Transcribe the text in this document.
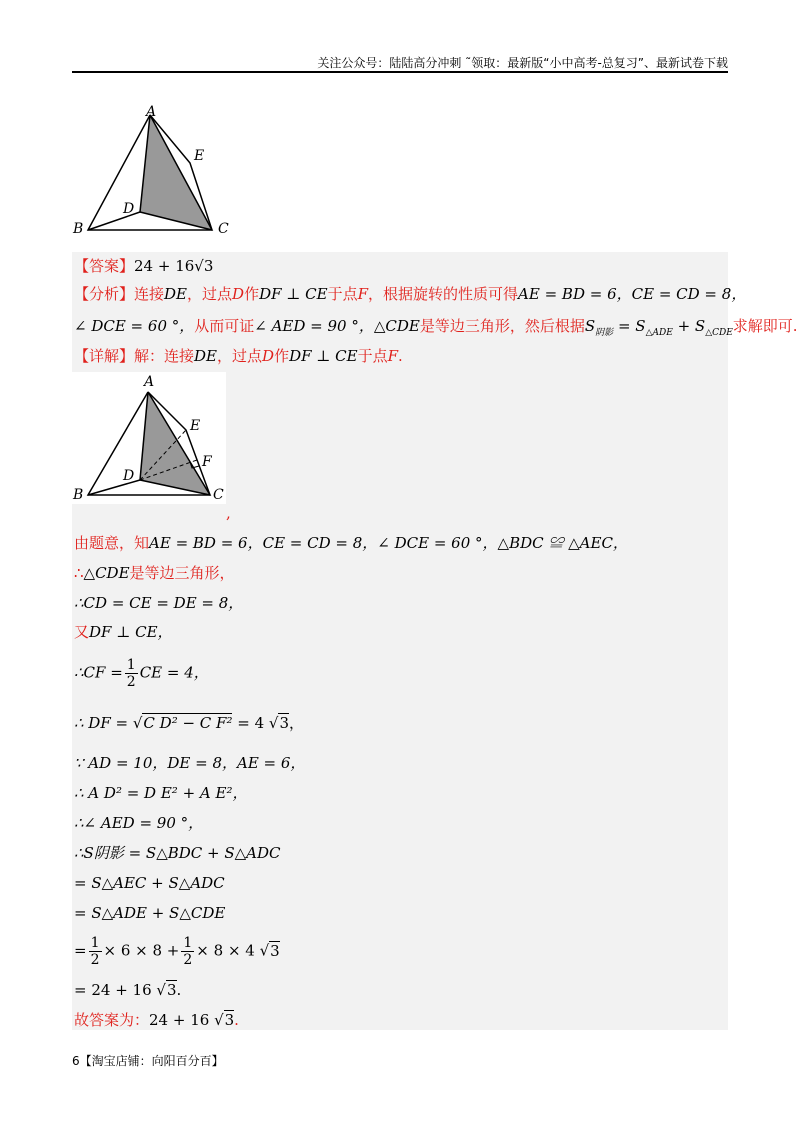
关注公众号：陆陆高分冲刺 ˜领取：最新版“小中高考-总复习”、最新试卷下载
A
E
B
D
C
【答案】24 + 16√3
【分析】连接DE，过点D作DF ⊥ CE于点F，根据旋转的性质可得AE = BD = 6，CE = CD = 8，
∠ DCE = 60 °，从而可证∠ AED = 90 °，△CDE是等边三角形，然后根据$S_{阴影} = S_{\triangle ADE} + S_{\triangle CDE}$求解即可.
【详解】解：连接DE，过点D作DF ⊥ CE于点F.
A
E
F
B
D
C
,
由题意，知AE = BD = 6，CE = CD = 8，∠ DCE = 60 °，△BDC ≌ △AEC，
∴△CDE是等边三角形，
∴CD = CE = DE = 8，
又DF ⊥ CE，
∴CF = $\frac{1}{2}$ CE = 4，
∴ DF = √C D² − C F² = 4 √3，
∵ AD = 10，DE = 8，AE = 6，
∴ A D² = D E² + A E²，
∴∠ AED = 90 °，
∴S阴影 = S△BDC + S△ADC
= S△AEC + S△ADC
= S△ADE + S△CDE
= $\frac{1}{2} \times 6 \times 8 + \frac{1}{2} \times 8 \times 4$ √3
= 24 + 16 √3.
故答案为：24 + 16 √3.
6【淘宝店铺：向阳百分百】
